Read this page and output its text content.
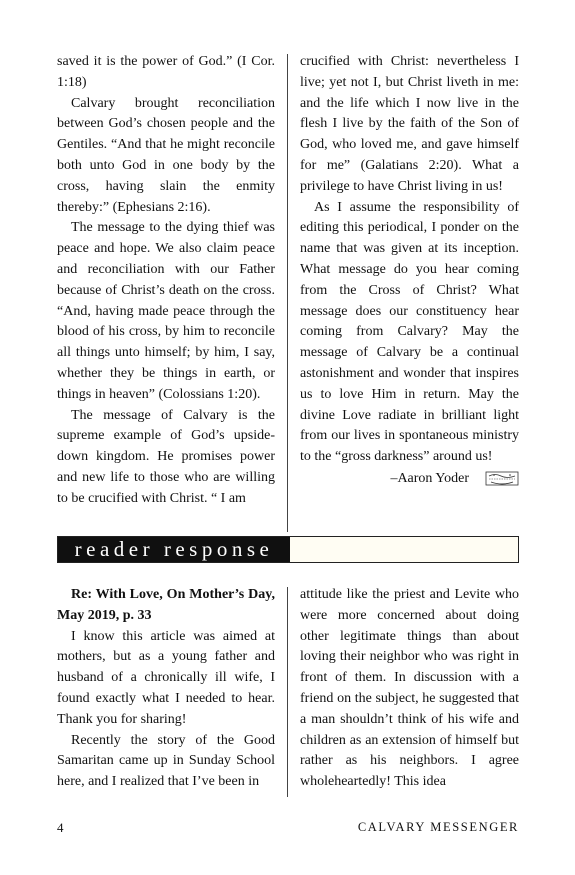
saved it is the power of God.” (I Cor. 1:18)

Calvary brought reconciliation between God’s chosen people and the Gentiles. “And that he might reconcile both unto God in one body by the cross, having slain the enmity thereby:” (Ephesians 2:16).

The message to the dying thief was peace and hope. We also claim peace and reconciliation with our Father because of Christ’s death on the cross. “And, having made peace through the blood of his cross, by him to reconcile all things unto himself; by him, I say, whether they be things in earth, or things in heaven” (Colossians 1:20).

The message of Calvary is the supreme example of God’s upside-down kingdom. He promises power and new life to those who are willing to be crucified with Christ. “ I am

crucified with Christ: nevertheless I live; yet not I, but Christ liveth in me: and the life which I now live in the flesh I live by the faith of the Son of God, who loved me, and gave himself for me” (Galatians 2:20). What a privilege to have Christ living in us!

As I assume the responsibility of editing this periodical, I ponder on the name that was given at its inception. What message do you hear coming from the Cross of Christ? What message does our constituency hear coming from Calvary? May the message of Calvary be a continual astonishment and wonder that inspires us to love Him in return. May the divine Love radiate in brilliant light from our lives in spontaneous ministry to the “gross darkness” around us!

–Aaron Yoder
reader response

Re: With Love, On Mother’s Day, May 2019, p. 33

I know this article was aimed at mothers, but as a young father and husband of a chronically ill wife, I found exactly what I needed to hear. Thank you for sharing!

Recently the story of the Good Samaritan came up in Sunday School here, and I realized that I’ve been in

attitude like the priest and Levite who were more concerned about doing other legitimate things than about loving their neighbor who was right in front of them. In discussion with a friend on the subject, he suggested that a man shouldn’t think of his wife and children as an extension of himself but rather as his neighbors. I agree wholeheartedly! This idea

4	CALVARY MESSENGER
